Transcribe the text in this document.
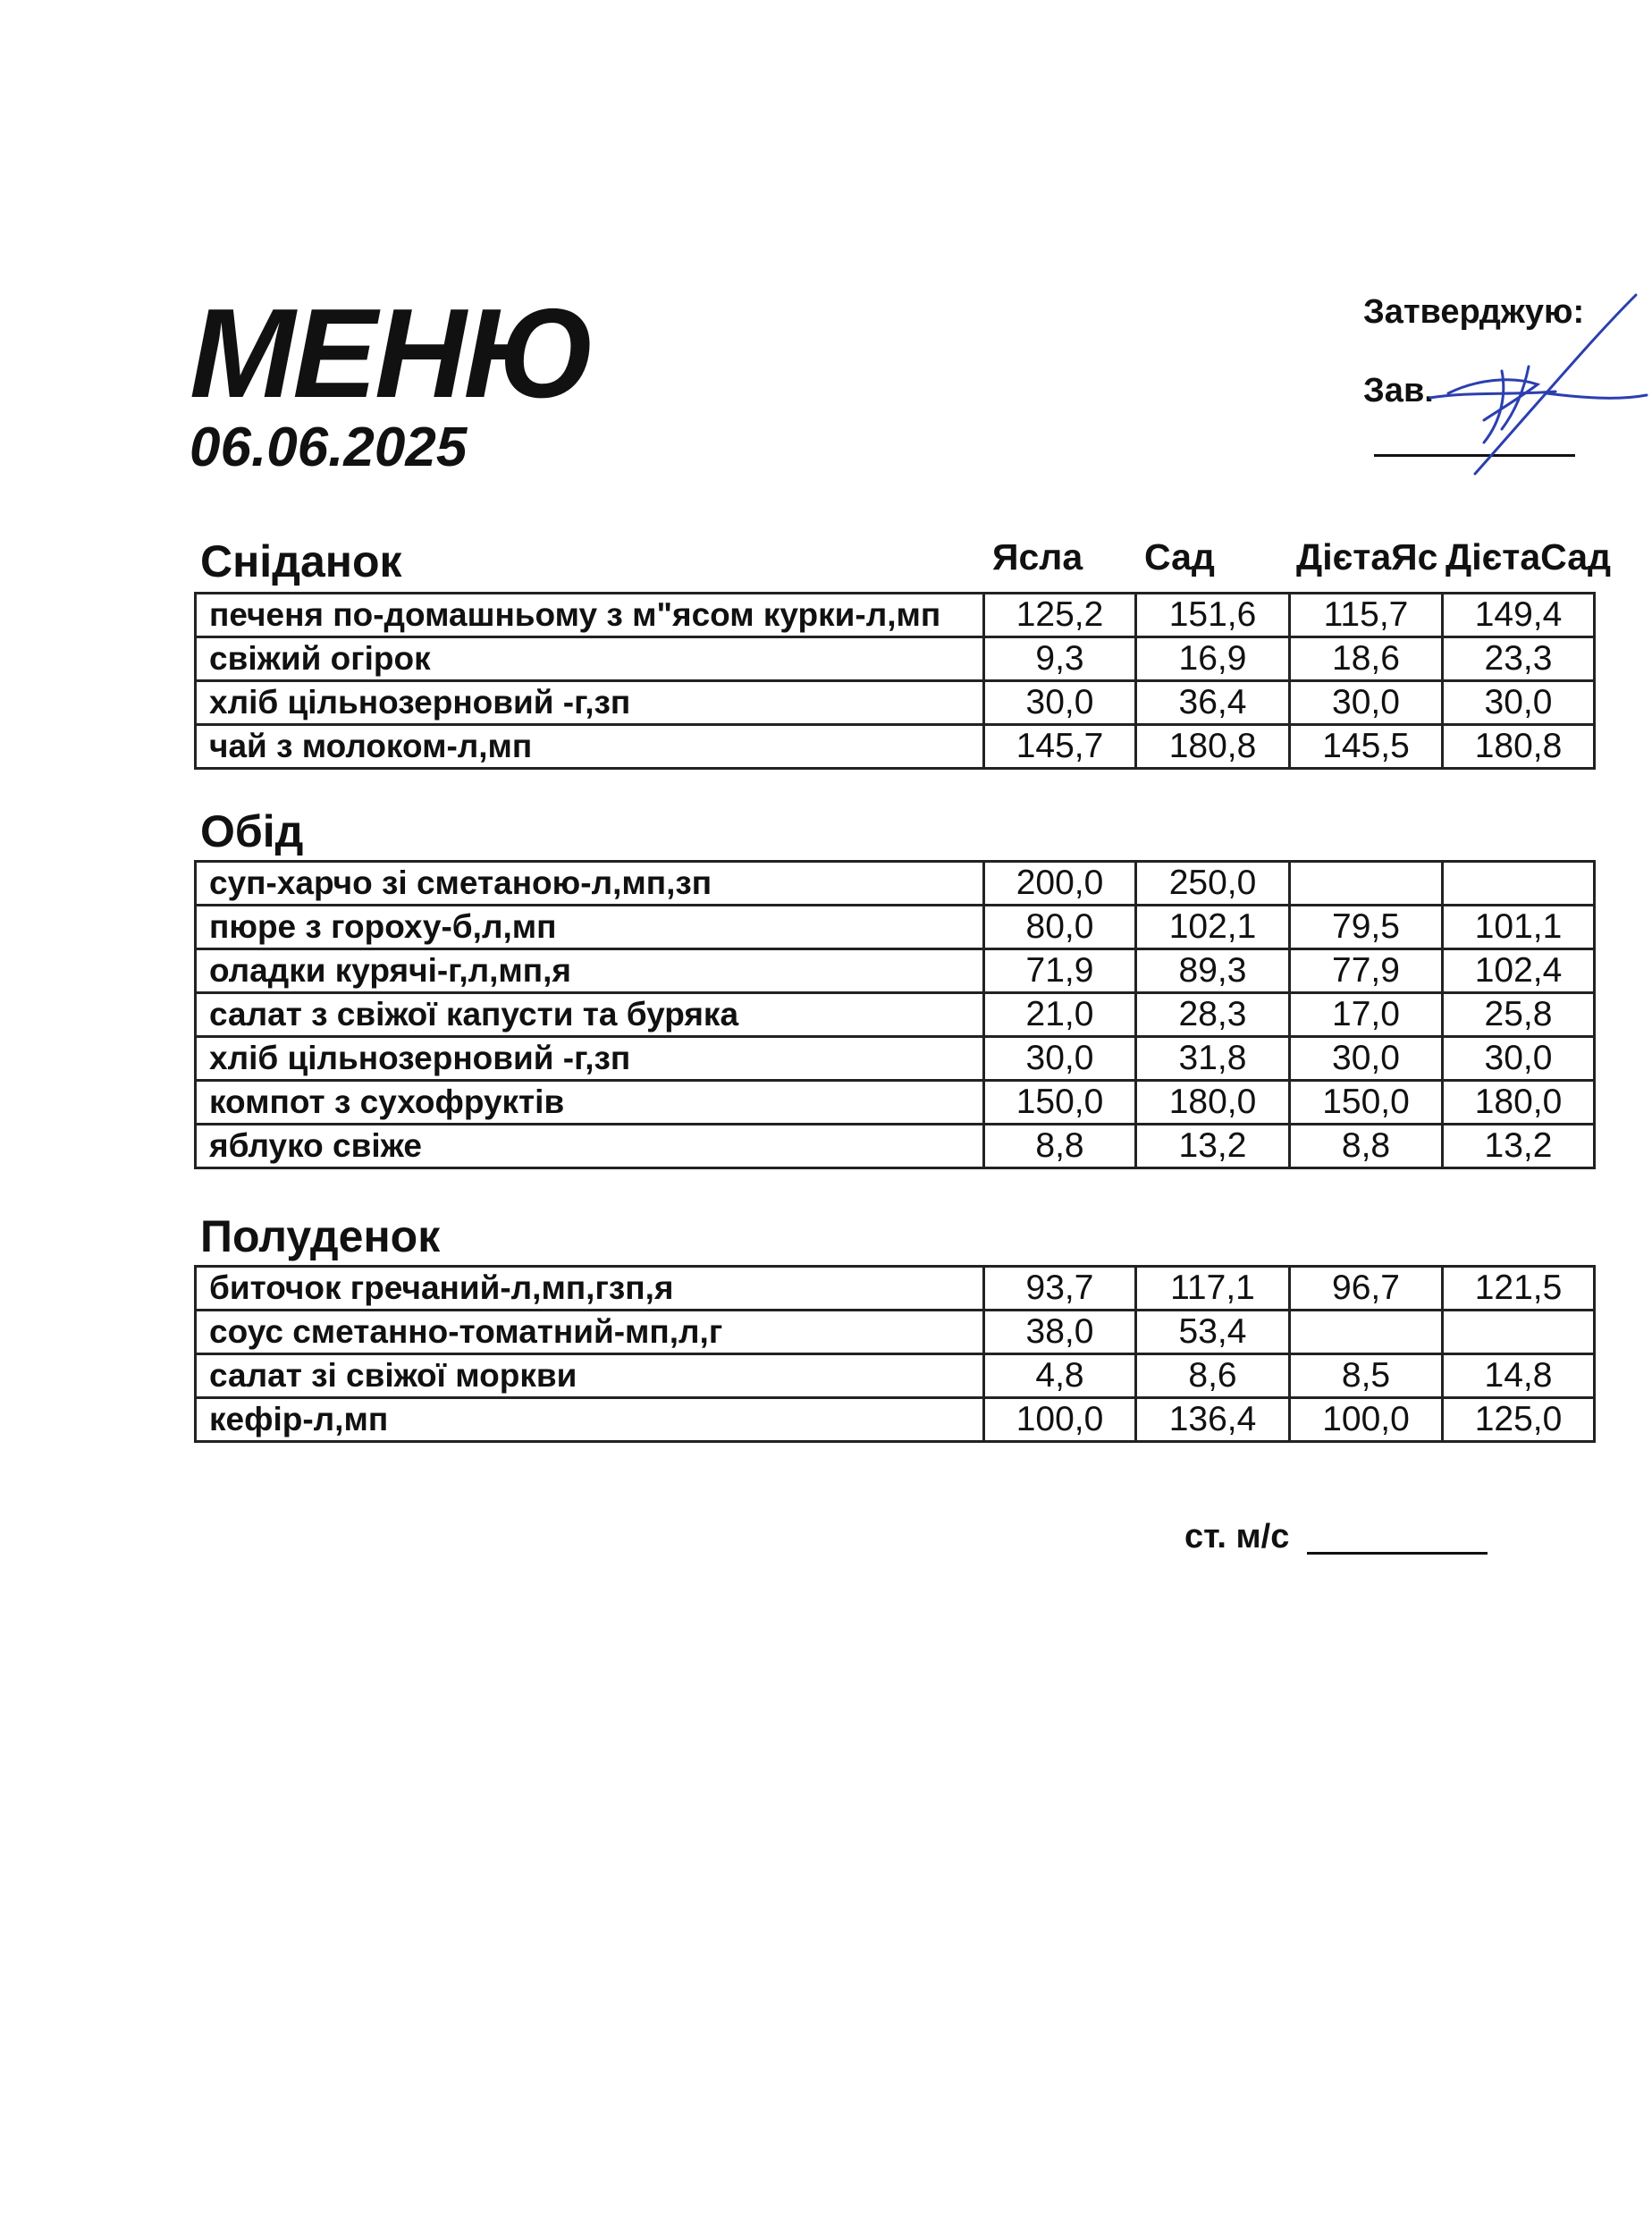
МЕНЮ
06.06.2025
Затверджую:
Зав.
Ясла Сад ДієтаЯс ДієтаСад
Сніданок
печеня по-домашньому з м"ясом курки-л,мп	125,2	151,6	115,7	149,4
свіжий огірок	9,3	16,9	18,6	23,3
хліб цільнозерновий -г,зп	30,0	36,4	30,0	30,0
чай з молоком-л,мп	145,7	180,8	145,5	180,8
Обід
суп-харчо зі сметаною-л,мп,зп	200,0	250,0		
пюре з гороху-б,л,мп	80,0	102,1	79,5	101,1
оладки курячі-г,л,мп,я	71,9	89,3	77,9	102,4
салат з свіжої капусти та буряка	21,0	28,3	17,0	25,8
хліб цільнозерновий -г,зп	30,0	31,8	30,0	30,0
компот з сухофруктів	150,0	180,0	150,0	180,0
яблуко свіже	8,8	13,2	8,8	13,2
Полуденок
биточок гречаний-л,мп,гзп,я	93,7	117,1	96,7	121,5
соус сметанно-томатний-мп,л,г	38,0	53,4		
салат зі свіжої моркви	4,8	8,6	8,5	14,8
кефір-л,мп	100,0	136,4	100,0	125,0
ст. м/с
